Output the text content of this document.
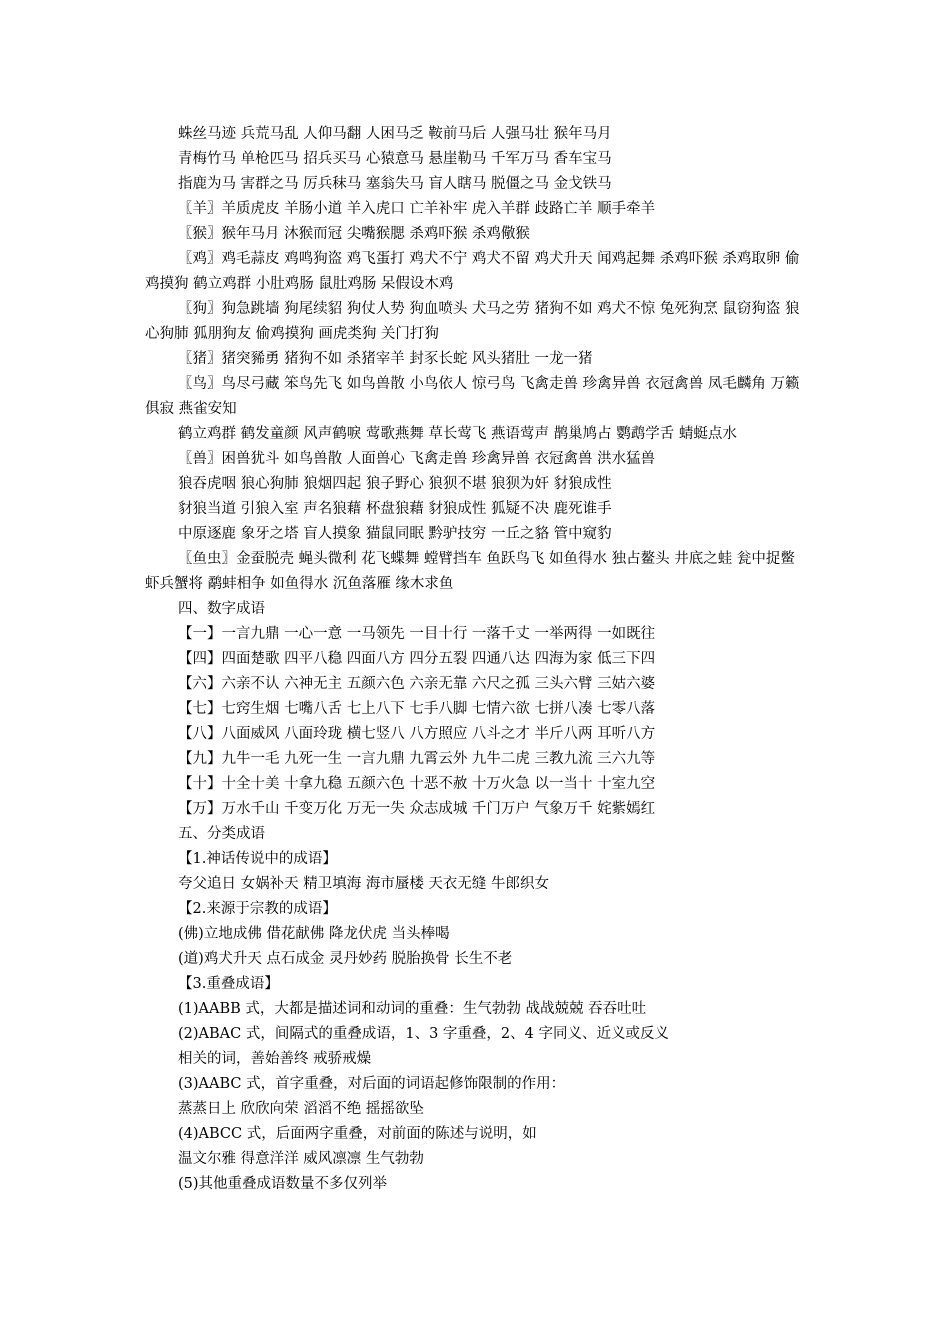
蛛丝马迹 兵荒马乱 人仰马翻 人困马乏 鞍前马后 人强马壮 猴年马月

青梅竹马 单枪匹马 招兵买马 心猿意马 悬崖勒马 千军万马 香车宝马

指鹿为马 害群之马 厉兵秣马 塞翁失马 盲人瞎马 脱僵之马 金戈铁马

〖羊〗羊质虎皮 羊肠小道 羊入虎口 亡羊补牢 虎入羊群 歧路亡羊 顺手牵羊

〖猴〗猴年马月 沐猴而冠 尖嘴猴腮 杀鸡吓猴 杀鸡儆猴

〖鸡〗鸡毛蒜皮 鸡鸣狗盗 鸡飞蛋打 鸡犬不宁 鸡犬不留 鸡犬升天 闻鸡起舞 杀鸡吓猴 杀鸡取卵 偷鸡摸狗 鹤立鸡群 小肚鸡肠 鼠肚鸡肠 呆假设木鸡

〖狗〗狗急跳墙 狗尾续貂 狗仗人势 狗血喷头 犬马之劳 猪狗不如 鸡犬不惊 兔死狗烹 鼠窃狗盗 狼心狗肺 狐朋狗友 偷鸡摸狗 画虎类狗 关门打狗

〖猪〗猪突豨勇 猪狗不如 杀猪宰羊 封豕长蛇 风头猪肚 一龙一猪

〖鸟〗鸟尽弓藏 笨鸟先飞 如鸟兽散 小鸟依人 惊弓鸟 飞禽走兽 珍禽异兽 衣冠禽兽 凤毛麟角 万籁俱寂 燕雀安知

鹤立鸡群 鹤发童颜 风声鹤唳 莺歌燕舞 草长莺飞 燕语莺声 鹊巢鸠占 鹦鹉学舌 蜻蜓点水

〖兽〗困兽犹斗 如鸟兽散 人面兽心 飞禽走兽 珍禽异兽 衣冠禽兽 洪水猛兽

狼吞虎咽 狼心狗肺 狼烟四起 狼子野心 狼狈不堪 狼狈为奸 豺狼成性

豺狼当道 引狼入室 声名狼藉 杯盘狼藉 豺狼成性 狐疑不决 鹿死谁手

中原逐鹿 象牙之塔 盲人摸象 猫鼠同眠 黔驴技穷 一丘之貉 管中窥豹

〖鱼虫〗金蚕脱壳 蝇头微利 花飞蝶舞 螳臂挡车 鱼跃鸟飞 如鱼得水 独占鳌头 井底之蛙 瓮中捉鳖 虾兵蟹将 鹬蚌相争 如鱼得水 沉鱼落雁 缘木求鱼

四、数字成语

【一】一言九鼎 一心一意 一马领先 一目十行 一落千丈 一举两得 一如既往

【四】四面楚歌 四平八稳 四面八方 四分五裂 四通八达 四海为家 低三下四

【六】六亲不认 六神无主 五颜六色 六亲无靠 六尺之孤 三头六臂 三姑六婆

【七】七窍生烟 七嘴八舌 七上八下 七手八脚 七情六欲 七拼八凑 七零八落

【八】八面威风 八面玲珑 横七竖八 八方照应 八斗之才 半斤八两 耳听八方

【九】九牛一毛 九死一生 一言九鼎 九霄云外 九牛二虎 三教九流 三六九等

【十】十全十美 十拿九稳 五颜六色 十恶不赦 十万火急 以一当十 十室九空

【万】万水千山 千变万化 万无一失 众志成城 千门万户 气象万千 姹紫嫣红

五、分类成语

【1.神话传说中的成语】

夸父追日 女娲补天 精卫填海 海市蜃楼 天衣无缝 牛郎织女

【2.来源于宗教的成语】

(佛)立地成佛 借花献佛 降龙伏虎 当头棒喝

(道)鸡犬升天 点石成金 灵丹妙药 脱胎换骨 长生不老

【3.重叠成语】

(1)AABB 式，大都是描述词和动词的重叠：生气勃勃 战战兢兢 吞吞吐吐

(2)ABAC 式，间隔式的重叠成语，1、3 字重叠，2、4 字同义、近义或反义

相关的词，善始善终 戒骄戒燥

(3)AABC 式，首字重叠，对后面的词语起修饰限制的作用：

蒸蒸日上 欣欣向荣 滔滔不绝 摇摇欲坠

(4)ABCC 式，后面两字重叠，对前面的陈述与说明，如

温文尔雅 得意洋洋 威风凛凛 生气勃勃

(5)其他重叠成语数量不多仅列举
